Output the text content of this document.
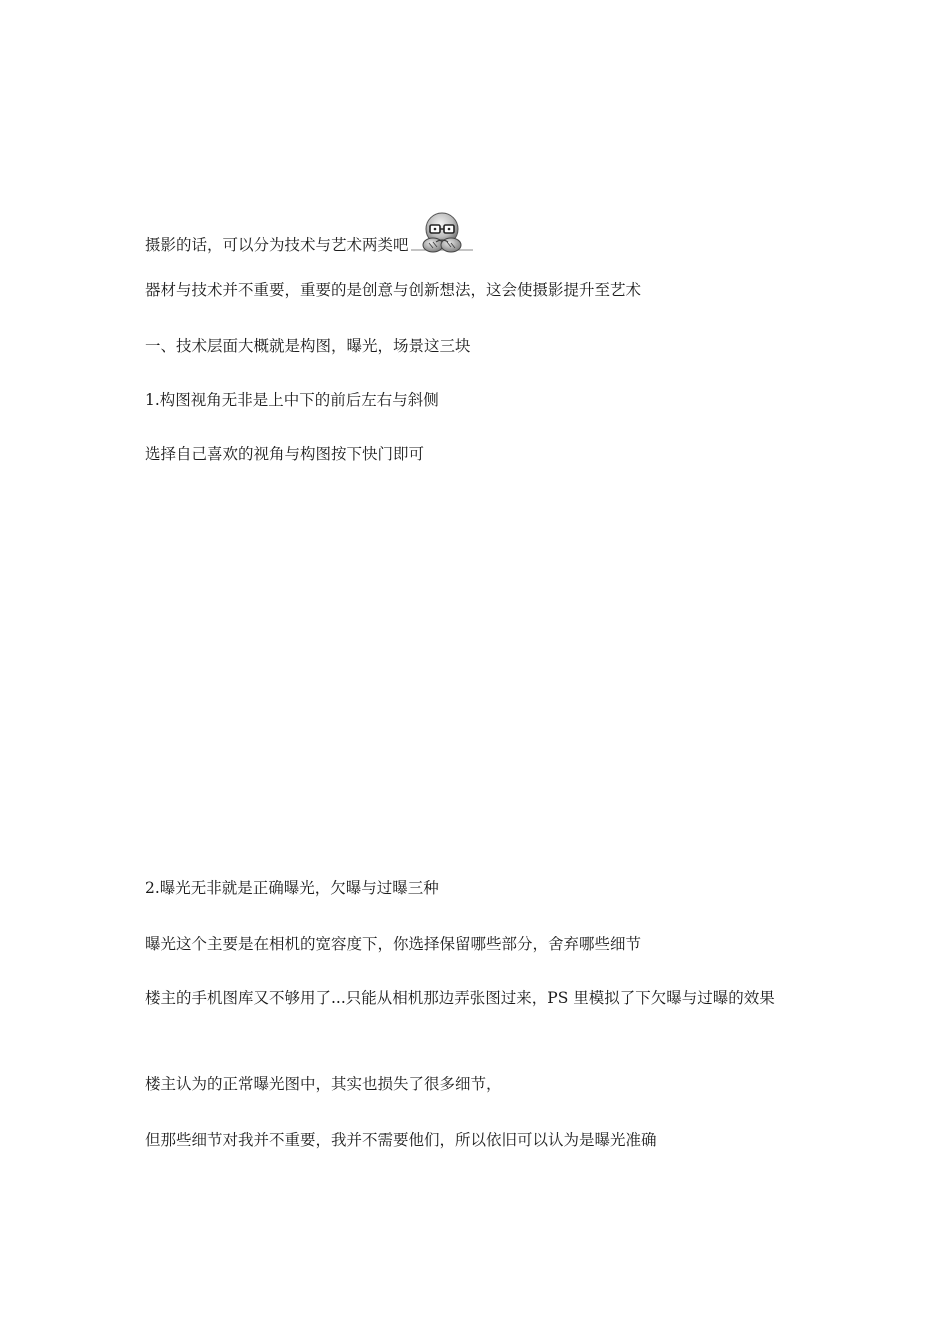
摄影的话，可以分为技术与艺术两类吧

器材与技术并不重要，重要的是创意与创新想法，这会使摄影提升至艺术

一、技术层面大概就是构图，曝光，场景这三块

1.构图视角无非是上中下的前后左右与斜侧

选择自己喜欢的视角与构图按下快门即可

2.曝光无非就是正确曝光，欠曝与过曝三种

曝光这个主要是在相机的宽容度下，你选择保留哪些部分，舍弃哪些细节

楼主的手机图库又不够用了...只能从相机那边弄张图过来，PS 里模拟了下欠曝与过曝的效果

楼主认为的正常曝光图中，其实也损失了很多细节，

但那些细节对我并不重要，我并不需要他们，所以依旧可以认为是曝光准确
